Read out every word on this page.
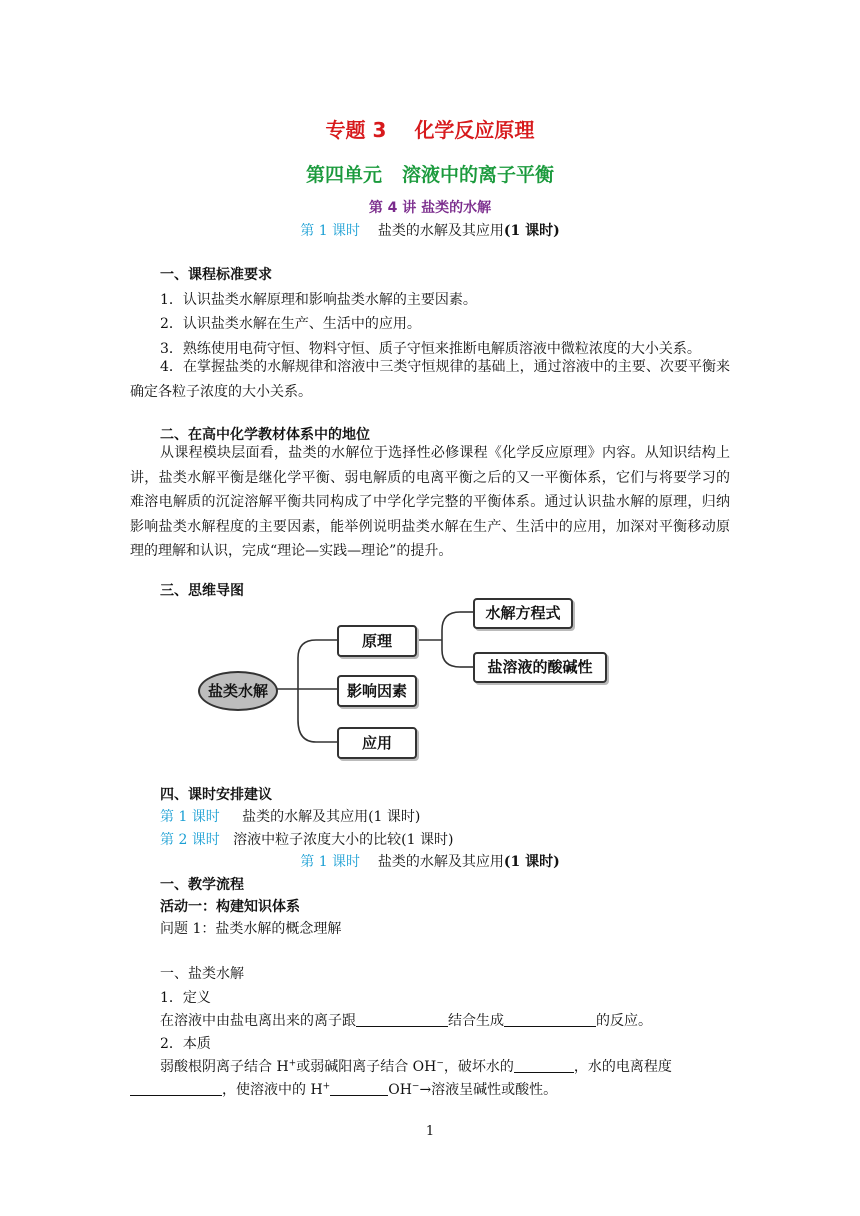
专题 3 化学反应原理
第四单元 溶液中的离子平衡
第 4 讲 盐类的水解
第 1 课时 盐类的水解及其应用(1 课时)
一、课程标准要求
1．认识盐类水解原理和影响盐类水解的主要因素。
2．认识盐类水解在生产、生活中的应用。
3．熟练使用电荷守恒、物料守恒、质子守恒来推断电解质溶液中微粒浓度的大小关系。
4．在掌握盐类的水解规律和溶液中三类守恒规律的基础上，通过溶液中的主要、次要平衡来确定各粒子浓度的大小关系。
二、在高中化学教材体系中的地位
从课程模块层面看，盐类的水解位于选择性必修课程《化学反应原理》内容。从知识结构上讲，盐类水解平衡是继化学平衡、弱电解质的电离平衡之后的又一平衡体系，它们与将要学习的难溶电解质的沉淀溶解平衡共同构成了中学化学完整的平衡体系。通过认识盐水解的原理，归纳影响盐类水解程度的主要因素，能举例说明盐类水解在生产、生活中的应用，加深对平衡移动原理的理解和认识，完成“理论—实践—理论”的提升。
三、思维导图
盐类水解
原理
影响因素
应用
水解方程式
盐溶液的酸碱性
四、课时安排建议
第 1 课时 盐类的水解及其应用(1 课时)
第 2 课时 溶液中粒子浓度大小的比较(1 课时)
第 1 课时 盐类的水解及其应用(1 课时)
一、教学流程
活动一：构建知识体系
问题 1：盐类水解的概念理解
一、盐类水解
1．定义
在溶液中由盐电离出来的离子跟	结合生成	的反应。
2．本质
弱酸根阴离子结合 H+或弱碱阳离子结合 OH−，破坏水的	，水的电离程度
，使溶液中的 H+	OH−→溶液呈碱性或酸性。
1
